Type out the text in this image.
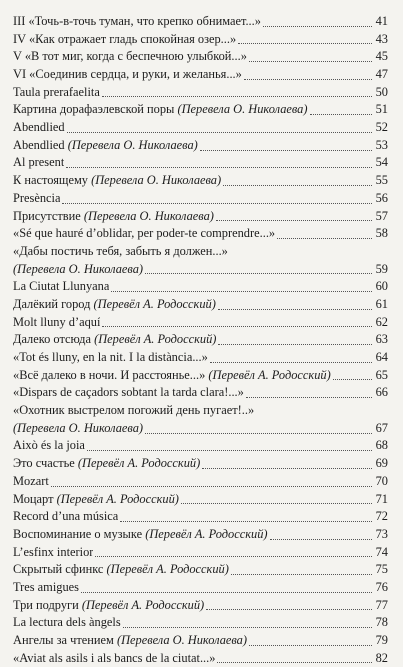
III «Точь-в-точь туман, что крепко обнимает...»	41
IV «Как отражает гладь спокойная озер...»	43
V «В тот миг, когда с беспечною улыбкой...»	45
VI «Соединив сердца, и руки, и желанья...»	47
Taula prerafaelita	50
Картина дорафаэлевской поры (Перевела О. Николаева)	51
Abendlied	52
Abendlied (Перевела О. Николаева)	53
Al present	54
К настоящему (Перевела О. Николаева)	55
Presència	56
Присутствие (Перевела О. Николаева)	57
«Sé que hauré d’oblidar, per poder-te comprendre...»	58
«Дабы постичь тебя, забыть я должен...»
(Перевела О. Николаева)	59
La Ciutat Llunyana	60
Далёкий город (Перевёл А. Родосский)	61
Molt lluny d’aquí	62
Далеко отсюда (Перевёл А. Родосский)	63
«Tot és lluny, en la nit. I la distància...»	64
«Всё далеко в ночи. И расстоянье...» (Перевёл А. Родосский)	65
«Dispars de caçadors sobtant la tarda clara!...»	66
«Охотник выстрелом погожий день пугает!..»
(Перевела О. Николаева)	67
Això és la joia	68
Это счастье (Перевёл А. Родосский)	69
Mozart	70
Моцарт (Перевёл А. Родосский)	71
Record d’una música	72
Воспоминание о музыке (Перевёл А. Родосский)	73
L’esfinx interior	74
Скрытый сфинкс (Перевёл А. Родосский)	75
Tres amigues	76
Три подруги (Перевёл А. Родосский)	77
La lectura dels àngels	78
Ангелы за чтением (Перевела О. Николаева)	79
«Aviat als asils i als bancs de la ciutat...»	82
